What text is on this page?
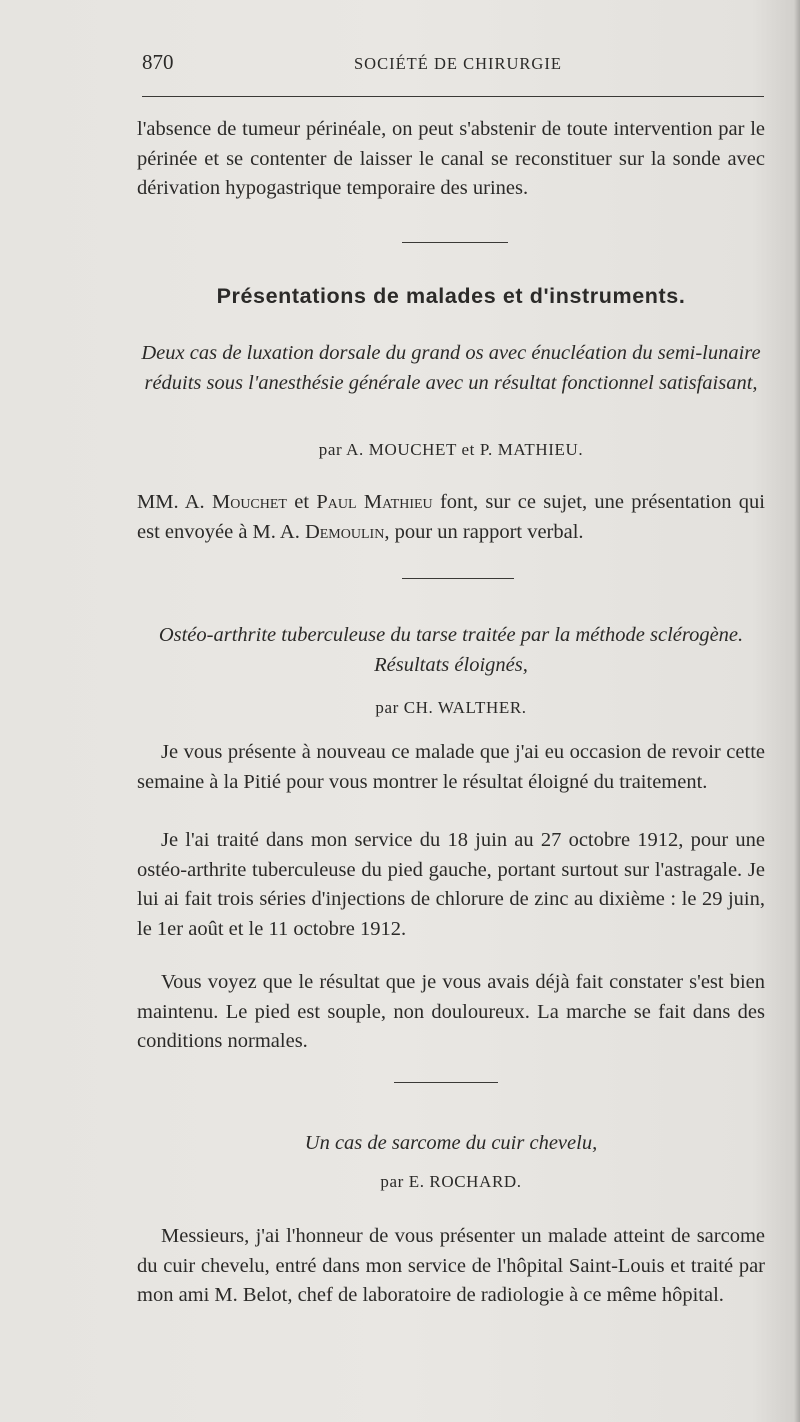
870	SOCIÉTÉ DE CHIRURGIE

l'absence de tumeur périnéale, on peut s'abstenir de toute intervention par le périnée et se contenter de laisser le canal se reconstituer sur la sonde avec dérivation hypogastrique temporaire des urines.

Présentations de malades et d'instruments.

Deux cas de luxation dorsale du grand os avec énucléation du semi-lunaire réduits sous l'anesthésie générale avec un résultat fonctionnel satisfaisant,

par A. MOUCHET et P. MATHIEU.

MM. A. Mouchet et Paul Mathieu font, sur ce sujet, une présentation qui est envoyée à M. A. Demoulin, pour un rapport verbal.

Ostéo-arthrite tuberculeuse du tarse traitée par la méthode sclérogène. Résultats éloignés,

par CH. WALTHER.

Je vous présente à nouveau ce malade que j'ai eu occasion de revoir cette semaine à la Pitié pour vous montrer le résultat éloigné du traitement.

Je l'ai traité dans mon service du 18 juin au 27 octobre 1912, pour une ostéo-arthrite tuberculeuse du pied gauche, portant surtout sur l'astragale. Je lui ai fait trois séries d'injections de chlorure de zinc au dixième : le 29 juin, le 1er août et le 11 octobre 1912.

Vous voyez que le résultat que je vous avais déjà fait constater s'est bien maintenu. Le pied est souple, non douloureux. La marche se fait dans des conditions normales.

Un cas de sarcome du cuir chevelu,

par E. ROCHARD.

Messieurs, j'ai l'honneur de vous présenter un malade atteint de sarcome du cuir chevelu, entré dans mon service de l'hôpital Saint-Louis et traité par mon ami M. Belot, chef de laboratoire de radiologie à ce même hôpital.
